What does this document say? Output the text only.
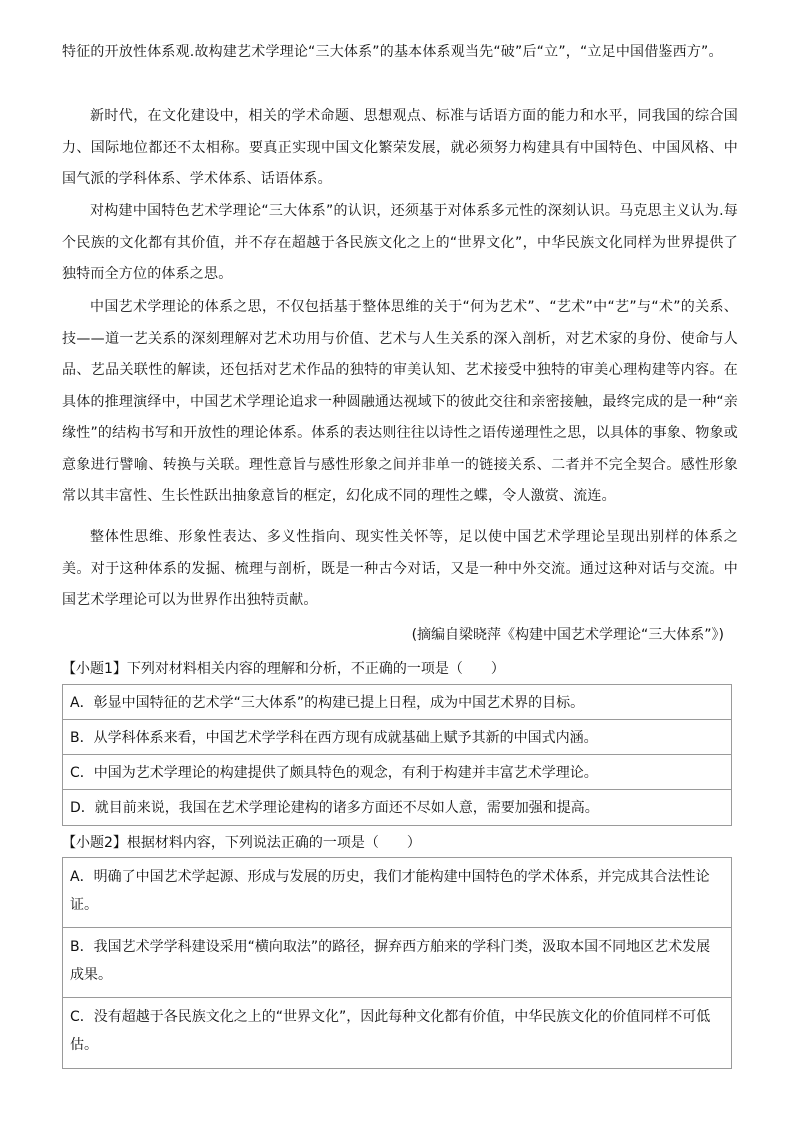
特征的开放性体系观.故构建艺术学理论“三大体系”的基本体系观当先“破”后“立”，“立足中国借鉴西方”。

新时代，在文化建设中，相关的学术命题、思想观点、标准与话语方面的能力和水平，同我国的综合国力、国际地位都还不太相称。要真正实现中国文化繁荣发展，就必须努力构建具有中国特色、中国风格、中国气派的学科体系、学术体系、话语体系。

对构建中国特色艺术学理论“三大体系”的认识，还须基于对体系多元性的深刻认识。马克思主义认为.每个民族的文化都有其价值，并不存在超越于各民族文化之上的“世界文化”，中华民族文化同样为世界提供了独特而全方位的体系之思。

中国艺术学理论的体系之思，不仅包括基于整体思维的关于“何为艺术”、“艺术”中“艺”与“术”的关系、技——道一艺关系的深刻理解对艺术功用与价值、艺术与人生关系的深入剖析，对艺术家的身份、使命与人品、艺品关联性的解读，还包括对艺术作品的独特的审美认知、艺术接受中独特的审美心理构建等内容。在具体的推理演绎中，中国艺术学理论追求一种圆融通达视域下的彼此交往和亲密接触，最终完成的是一种“亲缘性”的结构书写和开放性的理论体系。体系的表达则往往以诗性之语传递理性之思，以具体的事象、物象或意象进行譬喻、转换与关联。理性意旨与感性形象之间并非单一的链接关系、二者并不完全契合。感性形象常以其丰富性、生长性跃出抽象意旨的框定，幻化成不同的理性之蝶，令人激赏、流连。

整体性思维、形象性表达、多义性指向、现实性关怀等，足以使中国艺术学理论呈现出别样的体系之美。对于这种体系的发掘、梳理与剖析，既是一种古今对话，又是一种中外交流。通过这种对话与交流。中国艺术学理论可以为世界作出独特贡献。

(摘编自梁晓萍《构建中国艺术学理论“三大体系”》)
【小题1】下列对材料相关内容的理解和分析，不正确的一项是（　　）
A．彰显中国特征的艺术学“三大体系”的构建已提上日程，成为中国艺术界的目标。
B．从学科体系来看，中国艺术学学科在西方现有成就基础上赋予其新的中国式内涵。
C．中国为艺术学理论的构建提供了颇具特色的观念，有利于构建并丰富艺术学理论。
D．就目前来说，我国在艺术学理论建构的诸多方面还不尽如人意，需要加强和提高。
【小题2】根据材料内容，下列说法正确的一项是（　　）
A．明确了中国艺术学起源、形成与发展的历史，我们才能构建中国特色的学术体系，并完成其合法性论证。
B．我国艺术学学科建设采用“横向取法”的路径，摒弃西方舶来的学科门类，汲取本国不同地区艺术发展成果。
C．没有超越于各民族文化之上的“世界文化”，因此每种文化都有价值，中华民族文化的价值同样不可低估。
